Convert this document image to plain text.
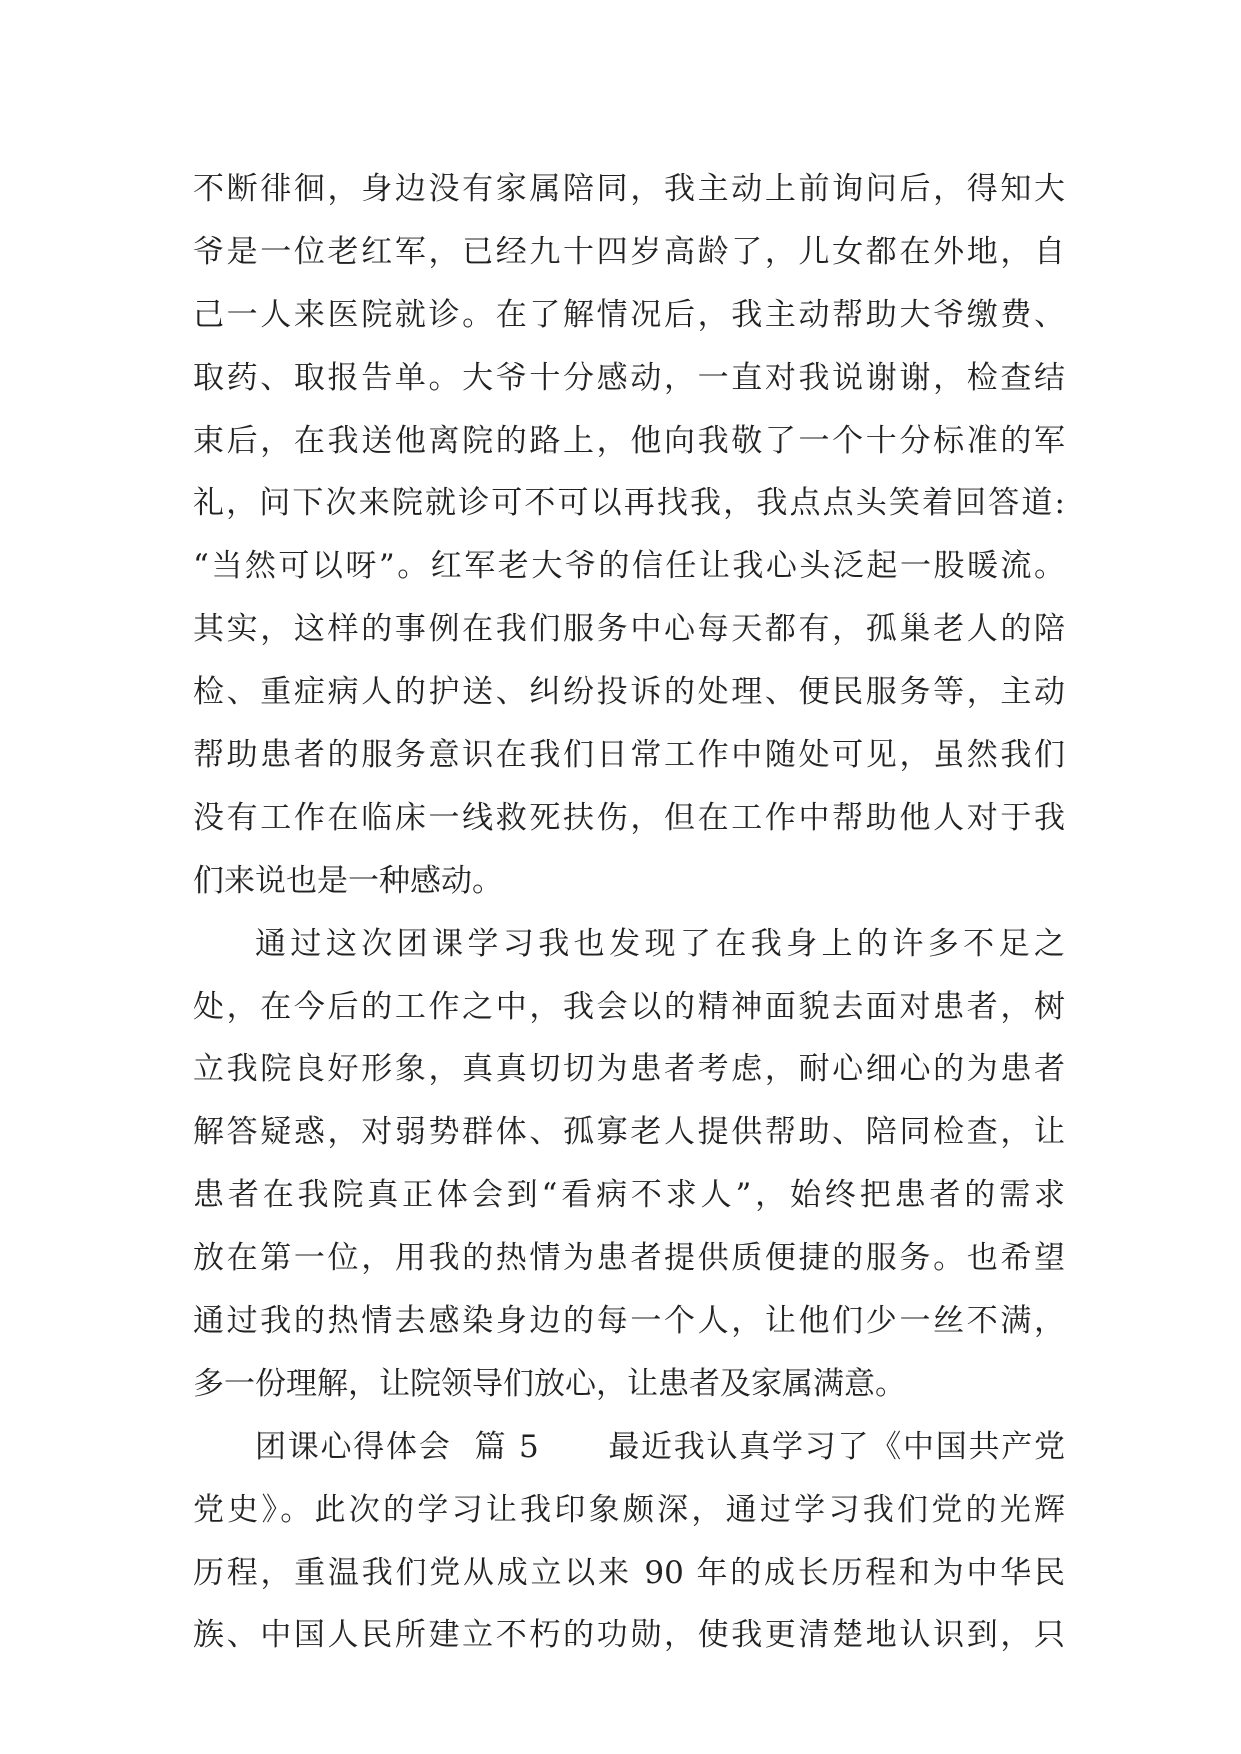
不断徘徊，身边没有家属陪同，我主动上前询问后，得知大
爷是一位老红军，已经九十四岁高龄了，儿女都在外地，自
己一人来医院就诊。在了解情况后，我主动帮助大爷缴费、
取药、取报告单。大爷十分感动，一直对我说谢谢，检查结
束后，在我送他离院的路上，他向我敬了一个十分标准的军
礼，问下次来院就诊可不可以再找我，我点点头笑着回答道:
“当然可以呀”。红军老大爷的信任让我心头泛起一股暖流。
其实，这样的事例在我们服务中心每天都有，孤巢老人的陪
检、重症病人的护送、纠纷投诉的处理、便民服务等，主动
帮助患者的服务意识在我们日常工作中随处可见，虽然我们
没有工作在临床一线救死扶伤，但在工作中帮助他人对于我
们来说也是一种感动。
通过这次团课学习我也发现了在我身上的许多不足之
处，在今后的工作之中，我会以的精神面貌去面对患者，树
立我院良好形象，真真切切为患者考虑，耐心细心的为患者
解答疑惑，对弱势群体、孤寡老人提供帮助、陪同检查，让
患者在我院真正体会到“看病不求人”，始终把患者的需求
放在第一位，用我的热情为患者提供质便捷的服务。也希望
通过我的热情去感染身边的每一个人，让他们少一丝不满，
多一份理解，让院领导们放心，让患者及家属满意。
团课心得体会  篇 5      最近我认真学习了《中国共产党
党史》。此次的学习让我印象颇深，通过学习我们党的光辉
历程，重温我们党从成立以来 90 年的成长历程和为中华民
族、中国人民所建立不朽的功勋，使我更清楚地认识到，只
